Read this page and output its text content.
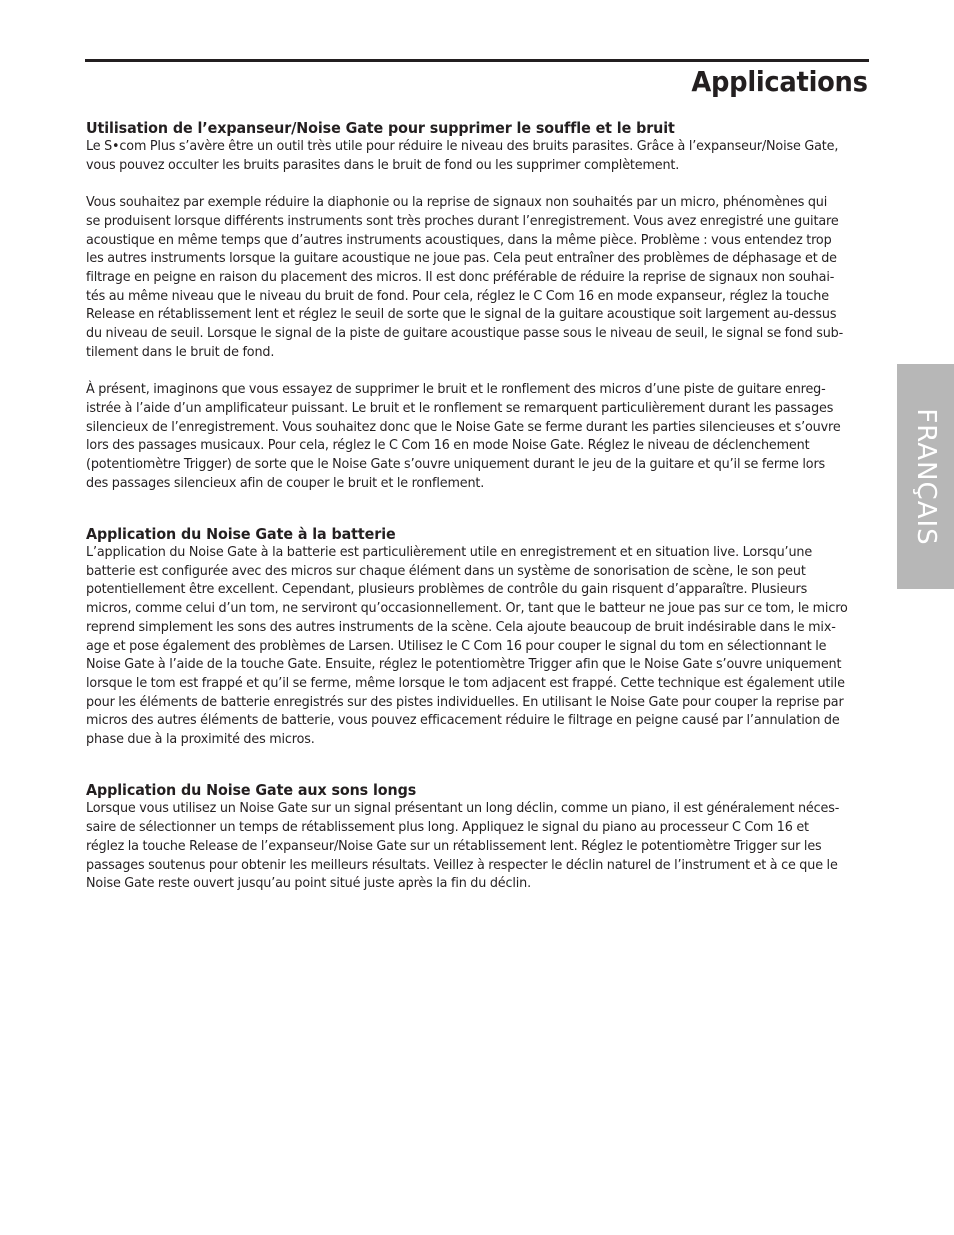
Applications
Utilisation de l’expanseur/Noise Gate pour supprimer le souffle et le bruit

Le S•com Plus s’avère être un outil très utile pour réduire le niveau des bruits parasites. Grâce à l’expanseur/Noise Gate,
vous pouvez occulter les bruits parasites dans le bruit de fond ou les supprimer complètement.

Vous souhaitez par exemple réduire la diaphonie ou la reprise de signaux non souhaités par un micro, phénomènes qui
se produisent lorsque différents instruments sont très proches durant l’enregistrement. Vous avez enregistré une guitare
acoustique en même temps que d’autres instruments acoustiques, dans la même pièce. Problème : vous entendez trop
les autres instruments lorsque la guitare acoustique ne joue pas. Cela peut entraîner des problèmes de déphasage et de
filtrage en peigne en raison du placement des micros. Il est donc préférable de réduire la reprise de signaux non souhai-
tés au même niveau que le niveau du bruit de fond. Pour cela, réglez le C Com 16 en mode expanseur, réglez la touche
Release en rétablissement lent et réglez le seuil de sorte que le signal de la guitare acoustique soit largement au-dessus
du niveau de seuil. Lorsque le signal de la piste de guitare acoustique passe sous le niveau de seuil, le signal se fond sub-
tilement dans le bruit de fond.

À présent, imaginons que vous essayez de supprimer le bruit et le ronflement des micros d’une piste de guitare enreg-
istrée à l’aide d’un amplificateur puissant. Le bruit et le ronflement se remarquent particulièrement durant les passages
silencieux de l’enregistrement. Vous souhaitez donc que le Noise Gate se ferme durant les parties silencieuses et s’ouvre
lors des passages musicaux. Pour cela, réglez le C Com 16 en mode Noise Gate. Réglez le niveau de déclenchement
(potentiomètre Trigger) de sorte que le Noise Gate s’ouvre uniquement durant le jeu de la guitare et qu’il se ferme lors
des passages silencieux afin de couper le bruit et le ronflement.

Application du Noise Gate à la batterie

L’application du Noise Gate à la batterie est particulièrement utile en enregistrement et en situation live. Lorsqu’une
batterie est configurée avec des micros sur chaque élément dans un système de sonorisation de scène, le son peut
potentiellement être excellent. Cependant, plusieurs problèmes de contrôle du gain risquent d’apparaître. Plusieurs
micros, comme celui d’un tom, ne serviront qu’occasionnellement. Or, tant que le batteur ne joue pas sur ce tom, le micro
reprend simplement les sons des autres instruments de la scène. Cela ajoute beaucoup de bruit indésirable dans le mix-
age et pose également des problèmes de Larsen. Utilisez le C Com 16 pour couper le signal du tom en sélectionnant le
Noise Gate à l’aide de la touche Gate. Ensuite, réglez le potentiomètre Trigger afin que le Noise Gate s’ouvre uniquement
lorsque le tom est frappé et qu’il se ferme, même lorsque le tom adjacent est frappé. Cette technique est également utile
pour les éléments de batterie enregistrés sur des pistes individuelles. En utilisant le Noise Gate pour couper la reprise par
micros des autres éléments de batterie, vous pouvez efficacement réduire le filtrage en peigne causé par l’annulation de
phase due à la proximité des micros.

Application du Noise Gate aux sons longs

Lorsque vous utilisez un Noise Gate sur un signal présentant un long déclin, comme un piano, il est généralement néces-
saire de sélectionner un temps de rétablissement plus long. Appliquez le signal du piano au processeur C Com 16 et
réglez la touche Release de l’expanseur/Noise Gate sur un rétablissement lent. Réglez le potentiomètre Trigger sur les
passages soutenus pour obtenir les meilleurs résultats. Veillez à respecter le déclin naturel de l’instrument et à ce que le
Noise Gate reste ouvert jusqu’au point situé juste après la fin du déclin.

FRANÇAIS
